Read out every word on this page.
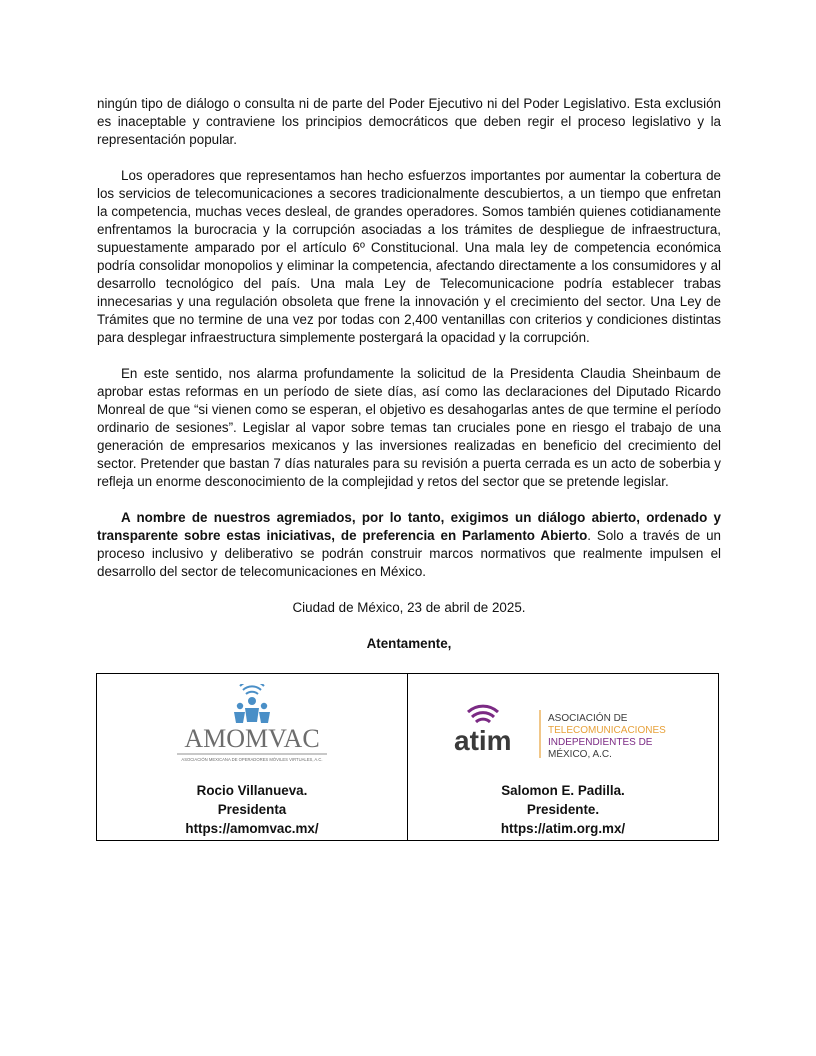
ningún tipo de diálogo o consulta ni de parte del Poder Ejecutivo ni del Poder Legislativo. Esta exclusión es inaceptable y contraviene los principios democráticos que deben regir el proceso legislativo y la representación popular.

Los operadores que representamos han hecho esfuerzos importantes por aumentar la cobertura de los servicios de telecomunicaciones a secores tradicionalmente descubiertos, a un tiempo que enfretan la competencia, muchas veces desleal, de grandes operadores. Somos también quienes cotidianamente enfrentamos la burocracia y la corrupción asociadas a los trámites de despliegue de infraestructura, supuestamente amparado por el artículo 6º Constitucional. Una mala ley de competencia económica podría consolidar monopolios y eliminar la competencia, afectando directamente a los consumidores y al desarrollo tecnológico del país. Una mala Ley de Telecomunicacione podría establecer trabas innecesarias y una regulación obsoleta que frene la innovación y el crecimiento del sector. Una Ley de Trámites que no termine de una vez por todas con 2,400 ventanillas con criterios y condiciones distintas para desplegar infraestructura simplemente postergará la opacidad y la corrupción.

En este sentido, nos alarma profundamente la solicitud de la Presidenta Claudia Sheinbaum de aprobar estas reformas en un período de siete días, así como las declaraciones del Diputado Ricardo Monreal de que “si vienen como se esperan, el objetivo es desahogarlas antes de que termine el período ordinario de sesiones”. Legislar al vapor sobre temas tan cruciales pone en riesgo el trabajo de una generación de empresarios mexicanos y las inversiones realizadas en beneficio del crecimiento del sector. Pretender que bastan 7 días naturales para su revisión a puerta cerrada es un acto de soberbia y refleja un enorme desconocimiento de la complejidad y retos del sector que se pretende legislar.

A nombre de nuestros agremiados, por lo tanto, exigimos un diálogo abierto, ordenado y transparente sobre estas iniciativas, de preferencia en Parlamento Abierto. Solo a través de un proceso inclusivo y deliberativo se podrán construir marcos normativos que realmente impulsen el desarrollo del sector de telecomunicaciones en México.

Ciudad de México, 23 de abril de 2025.

Atentamente,

AMOMVAC
ASOCIACIÓN MEXICANA DE OPERADORES MÓVILES VIRTUALES, A.C.
Rocio Villanueva.
Presidenta
https://amomvac.mx/
atim
ASOCIACIÓN DE
TELECOMUNICACIONES
INDEPENDIENTES DE
MÉXICO, A.C.
Salomon E. Padilla.
Presidente.
https://atim.org.mx/
